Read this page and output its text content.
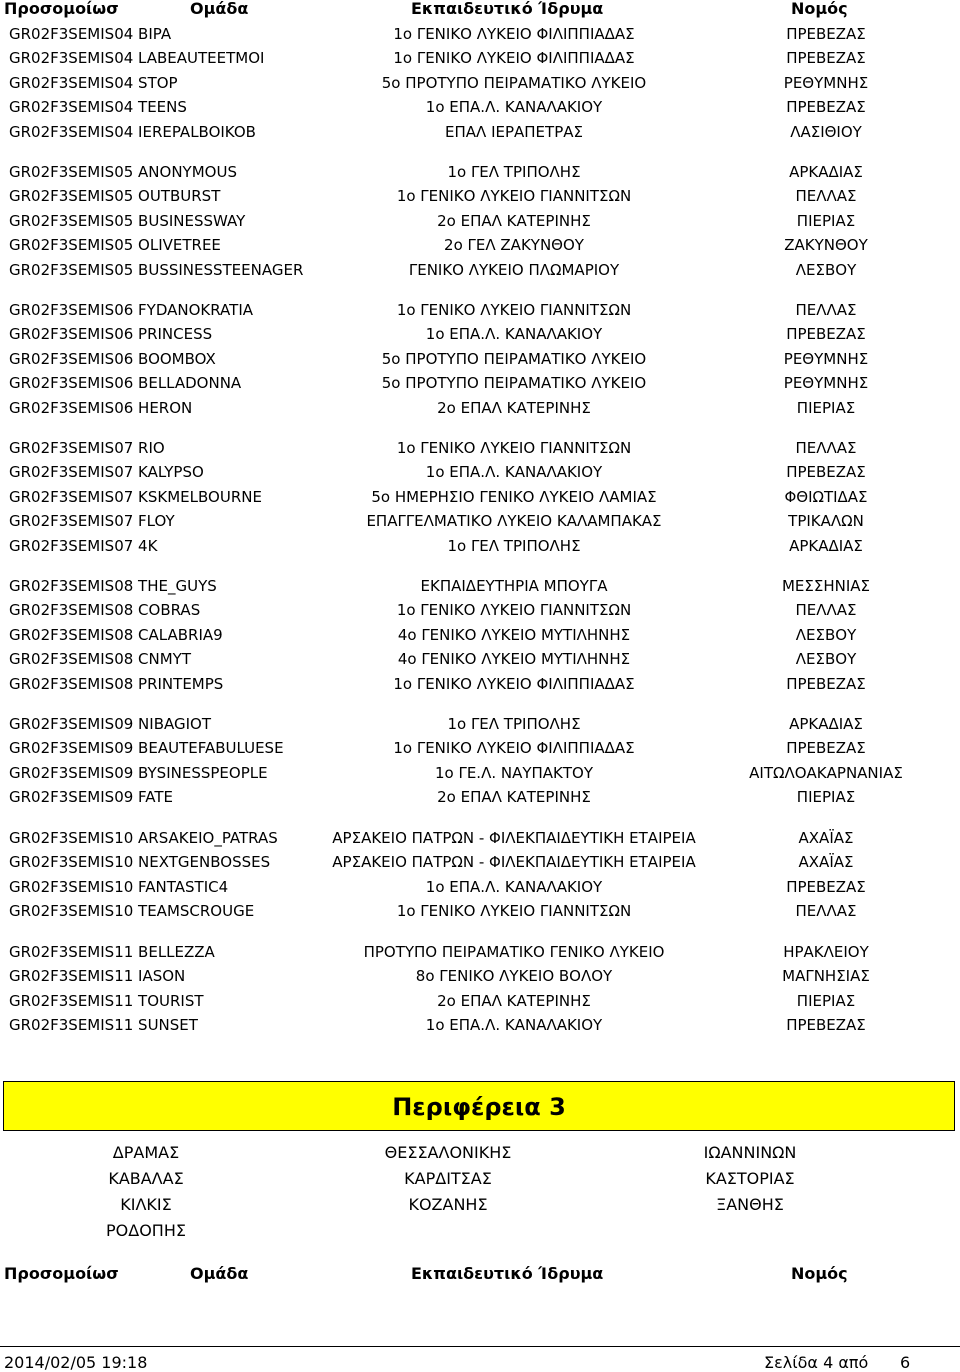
Προσομοίωσ	Ομάδα	Εκπαιδευτικό Ίδρυμα	Νομός
GR02F3SEMIS04 BIPA	1ο ΓΕΝΙΚΟ ΛΥΚΕΙΟ ΦΙΛΙΠΠΙΑΔΑΣ	ΠΡΕΒΕΖΑΣ
GR02F3SEMIS04 LABEAUTEETMOI	1ο ΓΕΝΙΚΟ ΛΥΚΕΙΟ ΦΙΛΙΠΠΙΑΔΑΣ	ΠΡΕΒΕΖΑΣ
GR02F3SEMIS04 STOP	5ο ΠΡΟΤΥΠΟ ΠΕΙΡΑΜΑΤΙΚΟ ΛΥΚΕΙΟ	ΡΕΘΥΜΝΗΣ
GR02F3SEMIS04 TEENS	1ο ΕΠΑ.Λ. ΚΑΝΑΛΑΚΙΟΥ	ΠΡΕΒΕΖΑΣ
GR02F3SEMIS04 IEREPALBOIKOB	ΕΠΑΛ ΙΕΡΑΠΕΤΡΑΣ	ΛΑΣΙΘΙΟΥ
GR02F3SEMIS05 ANONYMOUS	1ο ΓΕΛ ΤΡΙΠΟΛΗΣ	ΑΡΚΑΔΙΑΣ
GR02F3SEMIS05 OUTBURST	1ο ΓΕΝΙΚΟ ΛΥΚΕΙΟ ΓΙΑΝΝΙΤΣΩΝ	ΠΕΛΛΑΣ
GR02F3SEMIS05 BUSINESSWAY	2ο ΕΠΑΛ ΚΑΤΕΡΙΝΗΣ	ΠΙΕΡΙΑΣ
GR02F3SEMIS05 OLIVETREE	2ο ΓΕΛ ΖΑΚΥΝΘΟΥ	ΖΑΚΥΝΘΟΥ
GR02F3SEMIS05 BUSSINESSTEENAGER	ΓΕΝΙΚΟ ΛΥΚΕΙΟ ΠΛΩΜΑΡΙΟΥ	ΛΕΣΒΟΥ
GR02F3SEMIS06 FYDANOKRATIA	1ο ΓΕΝΙΚΟ ΛΥΚΕΙΟ ΓΙΑΝΝΙΤΣΩΝ	ΠΕΛΛΑΣ
GR02F3SEMIS06 PRINCESS	1ο ΕΠΑ.Λ. ΚΑΝΑΛΑΚΙΟΥ	ΠΡΕΒΕΖΑΣ
GR02F3SEMIS06 BOOMBOX	5ο ΠΡΟΤΥΠΟ ΠΕΙΡΑΜΑΤΙΚΟ ΛΥΚΕΙΟ	ΡΕΘΥΜΝΗΣ
GR02F3SEMIS06 BELLADONNA	5ο ΠΡΟΤΥΠΟ ΠΕΙΡΑΜΑΤΙΚΟ ΛΥΚΕΙΟ	ΡΕΘΥΜΝΗΣ
GR02F3SEMIS06 HERON	2ο ΕΠΑΛ ΚΑΤΕΡΙΝΗΣ	ΠΙΕΡΙΑΣ
GR02F3SEMIS07 RIO	1ο ΓΕΝΙΚΟ ΛΥΚΕΙΟ ΓΙΑΝΝΙΤΣΩΝ	ΠΕΛΛΑΣ
GR02F3SEMIS07 KALYPSO	1ο ΕΠΑ.Λ. ΚΑΝΑΛΑΚΙΟΥ	ΠΡΕΒΕΖΑΣ
GR02F3SEMIS07 KSKMELBOURNE	5ο ΗΜΕΡΗΣΙΟ ΓΕΝΙΚΟ ΛΥΚΕΙΟ ΛΑΜΙΑΣ	ΦΘΙΩΤΙΔΑΣ
GR02F3SEMIS07 FLOY	ΕΠΑΓΓΕΛΜΑΤΙΚΟ ΛΥΚΕΙΟ ΚΑΛΑΜΠΑΚΑΣ	ΤΡΙΚΑΛΩΝ
GR02F3SEMIS07 4K	1ο ΓΕΛ ΤΡΙΠΟΛΗΣ	ΑΡΚΑΔΙΑΣ
GR02F3SEMIS08 THE_GUYS	ΕΚΠΑΙΔΕΥΤΗΡΙΑ ΜΠΟΥΓΑ	ΜΕΣΣΗΝΙΑΣ
GR02F3SEMIS08 COBRAS	1ο ΓΕΝΙΚΟ ΛΥΚΕΙΟ ΓΙΑΝΝΙΤΣΩΝ	ΠΕΛΛΑΣ
GR02F3SEMIS08 CALABRIA9	4ο ΓΕΝΙΚΟ ΛΥΚΕΙΟ ΜΥΤΙΛΗΝΗΣ	ΛΕΣΒΟΥ
GR02F3SEMIS08 CNMYT	4ο ΓΕΝΙΚΟ ΛΥΚΕΙΟ ΜΥΤΙΛΗΝΗΣ	ΛΕΣΒΟΥ
GR02F3SEMIS08 PRINTEMPS	1ο ΓΕΝΙΚΟ ΛΥΚΕΙΟ ΦΙΛΙΠΠΙΑΔΑΣ	ΠΡΕΒΕΖΑΣ
GR02F3SEMIS09 NIBAGIOT	1ο ΓΕΛ ΤΡΙΠΟΛΗΣ	ΑΡΚΑΔΙΑΣ
GR02F3SEMIS09 BEAUTEFABULUESE	1ο ΓΕΝΙΚΟ ΛΥΚΕΙΟ ΦΙΛΙΠΠΙΑΔΑΣ	ΠΡΕΒΕΖΑΣ
GR02F3SEMIS09 BYSINESSPEOPLE	1ο ΓΕ.Λ. ΝΑΥΠΑΚΤΟΥ	ΑΙΤΩΛΟΑΚΑΡΝΑΝΙΑΣ
GR02F3SEMIS09 FATE	2ο ΕΠΑΛ ΚΑΤΕΡΙΝΗΣ	ΠΙΕΡΙΑΣ
GR02F3SEMIS10 ARSAKEIO_PATRAS	ΑΡΣΑΚΕΙΟ ΠΑΤΡΩΝ - ΦΙΛΕΚΠΑΙΔΕΥΤΙΚΗ ΕΤΑΙΡΕΙΑ	ΑΧΑΪΑΣ
GR02F3SEMIS10 NEXTGENBOSSES	ΑΡΣΑΚΕΙΟ ΠΑΤΡΩΝ - ΦΙΛΕΚΠΑΙΔΕΥΤΙΚΗ ΕΤΑΙΡΕΙΑ	ΑΧΑΪΑΣ
GR02F3SEMIS10 FANTASTIC4	1ο ΕΠΑ.Λ. ΚΑΝΑΛΑΚΙΟΥ	ΠΡΕΒΕΖΑΣ
GR02F3SEMIS10 TEAMSCROUGE	1ο ΓΕΝΙΚΟ ΛΥΚΕΙΟ ΓΙΑΝΝΙΤΣΩΝ	ΠΕΛΛΑΣ
GR02F3SEMIS11 BELLEZZA	ΠΡΟΤΥΠΟ ΠΕΙΡΑΜΑΤΙΚΟ ΓΕΝΙΚΟ ΛΥΚΕΙΟ	ΗΡΑΚΛΕΙΟΥ
GR02F3SEMIS11 IASON	8ο ΓΕΝΙΚΟ ΛΥΚΕΙΟ ΒΟΛΟΥ	ΜΑΓΝΗΣΙΑΣ
GR02F3SEMIS11 TOURIST	2ο ΕΠΑΛ ΚΑΤΕΡΙΝΗΣ	ΠΙΕΡΙΑΣ
GR02F3SEMIS11 SUNSET	1ο ΕΠΑ.Λ. ΚΑΝΑΛΑΚΙΟΥ	ΠΡΕΒΕΖΑΣ
Περιφέρεια 3
ΔΡΑΜΑΣ	ΘΕΣΣΑΛΟΝΙΚΗΣ	ΙΩΑΝΝΙΝΩΝ
ΚΑΒΑΛΑΣ	ΚΑΡΔΙΤΣΑΣ	ΚΑΣΤΟΡΙΑΣ
ΚΙΛΚΙΣ	ΚΟΖΑΝΗΣ	ΞΑΝΘΗΣ
ΡΟΔΟΠΗΣ
Προσομοίωσ	Ομάδα	Εκπαιδευτικό Ίδρυμα	Νομός
2014/02/05 19:18	Σελίδα 4 από 6
